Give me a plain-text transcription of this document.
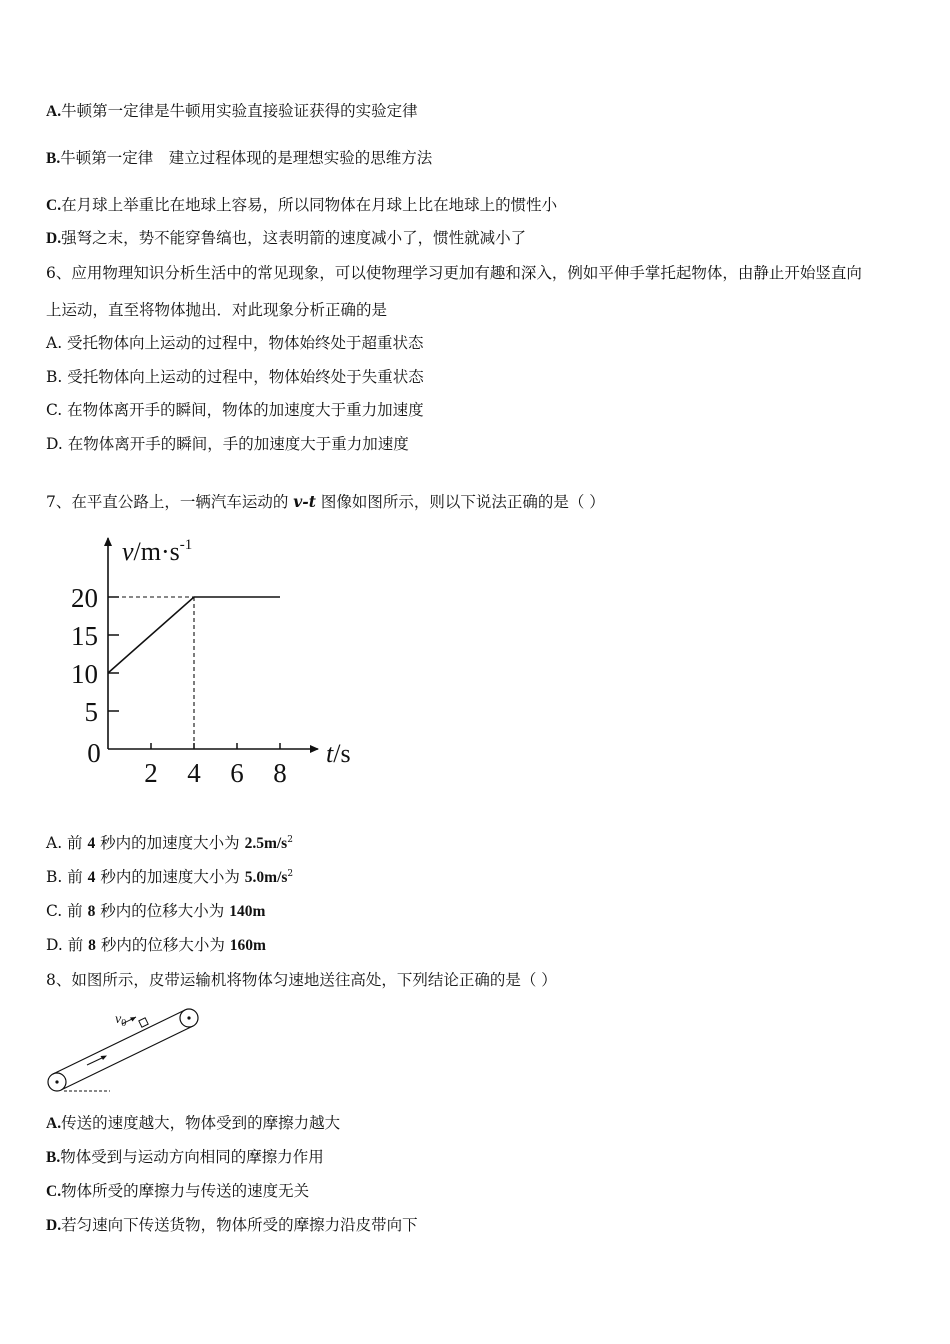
A.牛顿第一定律是牛顿用实验直接验证获得的实验定律
B.牛顿第一定律　建立过程体现的是理想实验的思维方法
C.在月球上举重比在地球上容易，所以同物体在月球上比在地球上的惯性小
D.强弩之末，势不能穿鲁缟也，这表明箭的速度减小了，惯性就减小了
6、应用物理知识分析生活中的常见现象，可以使物理学习更加有趣和深入，例如平伸手掌托起物体，由静止开始竖直向
上运动，直至将物体抛出．对此现象分析正确的是
A. 受托物体向上运动的过程中，物体始终处于超重状态
B. 受托物体向上运动的过程中，物体始终处于失重状态
C. 在物体离开手的瞬间，物体的加速度大于重力加速度
D. 在物体离开手的瞬间，手的加速度大于重力加速度
7、在平直公路上，一辆汽车运动的 v-t 图像如图所示，则以下说法正确的是（ ）
2 4 6 8
20
15
10
5
0
$v/m\cdot s^{-1}$
t/s
A. 前 4 秒内的加速度大小为 $2.5m/s^2$
B. 前 4 秒内的加速度大小为 $5.0m/s^2$
C. 前 8 秒内的位移大小为 140m
D. 前 8 秒内的位移大小为 160m
8、如图所示，皮带运输机将物体匀速地送往高处，下列结论正确的是（ ）
$v_0$
A.传送的速度越大，物体受到的摩擦力越大
B.物体受到与运动方向相同的摩擦力作用
C.物体所受的摩擦力与传送的速度无关
D.若匀速向下传送货物，物体所受的摩擦力沿皮带向下
